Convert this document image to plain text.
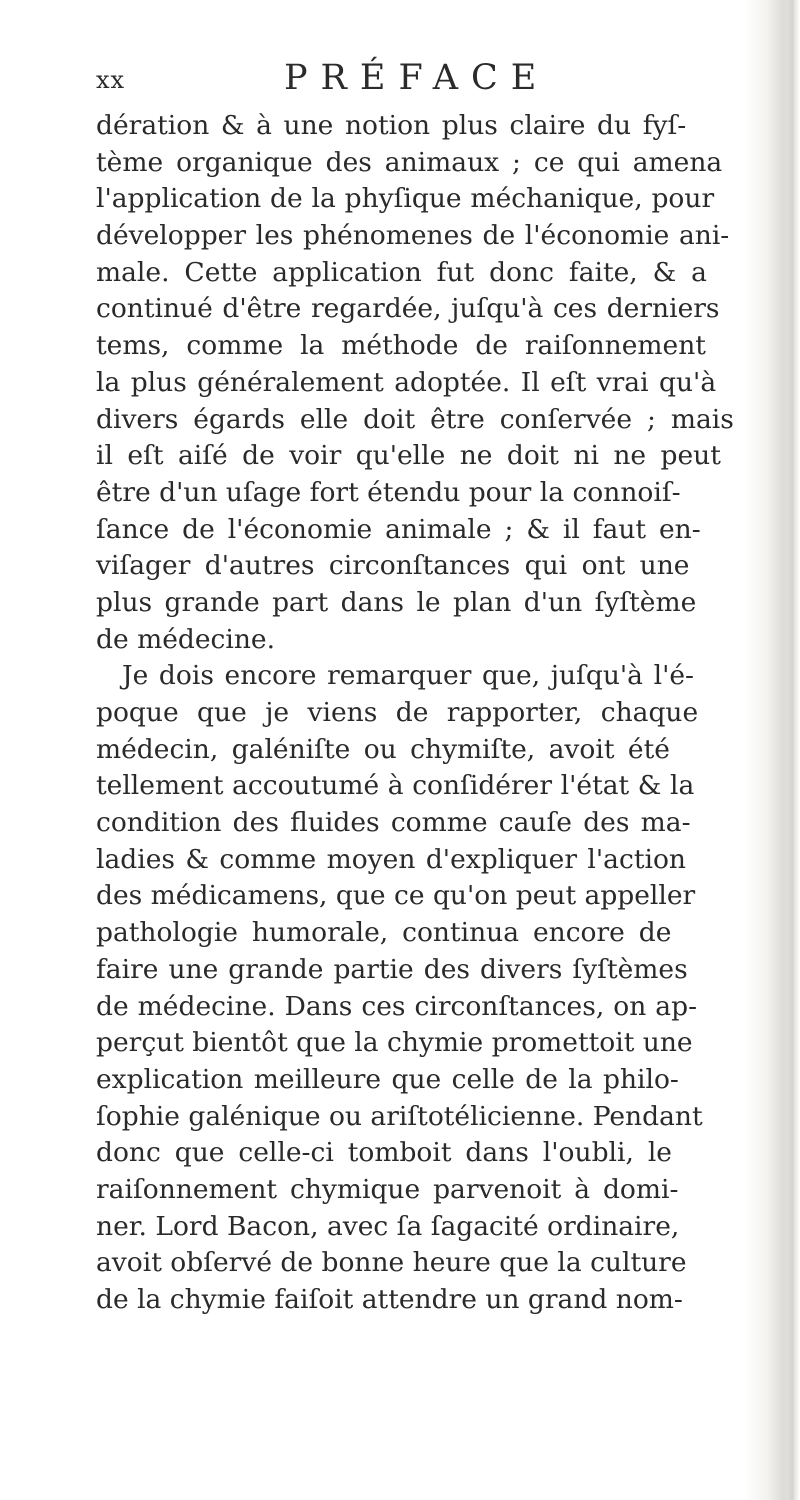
xx	PRÉFACE
dération & à une notion plus claire du fyſ-
tème organique des animaux ; ce qui amena
l'application de la phyſique méchanique, pour
développer les phénomenes de l'économie ani-
male. Cette application fut donc faite, & a
continué d'être regardée, juſqu'à ces derniers
tems, comme la méthode de raiſonnement
la plus généralement adoptée. Il eſt vrai qu'à
divers égards elle doit être conſervée ; mais
il eſt aiſé de voir qu'elle ne doit ni ne peut
être d'un uſage fort étendu pour la connoiſ-
ſance de l'économie animale ; & il faut en-
viſager d'autres circonſtances qui ont une
plus grande part dans le plan d'un ſyſtème
de médecine.
Je dois encore remarquer que, juſqu'à l'é-
poque que je viens de rapporter, chaque
médecin, galéniſte ou chymiſte, avoit été
tellement accoutumé à conſidérer l'état & la
condition des fluides comme cauſe des ma-
ladies & comme moyen d'expliquer l'action
des médicamens, que ce qu'on peut appeller
pathologie humorale, continua encore de
faire une grande partie des divers ſyſtèmes
de médecine. Dans ces circonſtances, on ap-
perçut bientôt que la chymie promettoit une
explication meilleure que celle de la philo-
ſophie galénique ou ariſtotélicienne. Pendant
donc que celle-ci tomboit dans l'oubli, le
raiſonnement chymique parvenoit à domi-
ner. Lord Bacon, avec ſa ſagacité ordinaire,
avoit obſervé de bonne heure que la culture
de la chymie faiſoit attendre un grand nom-
